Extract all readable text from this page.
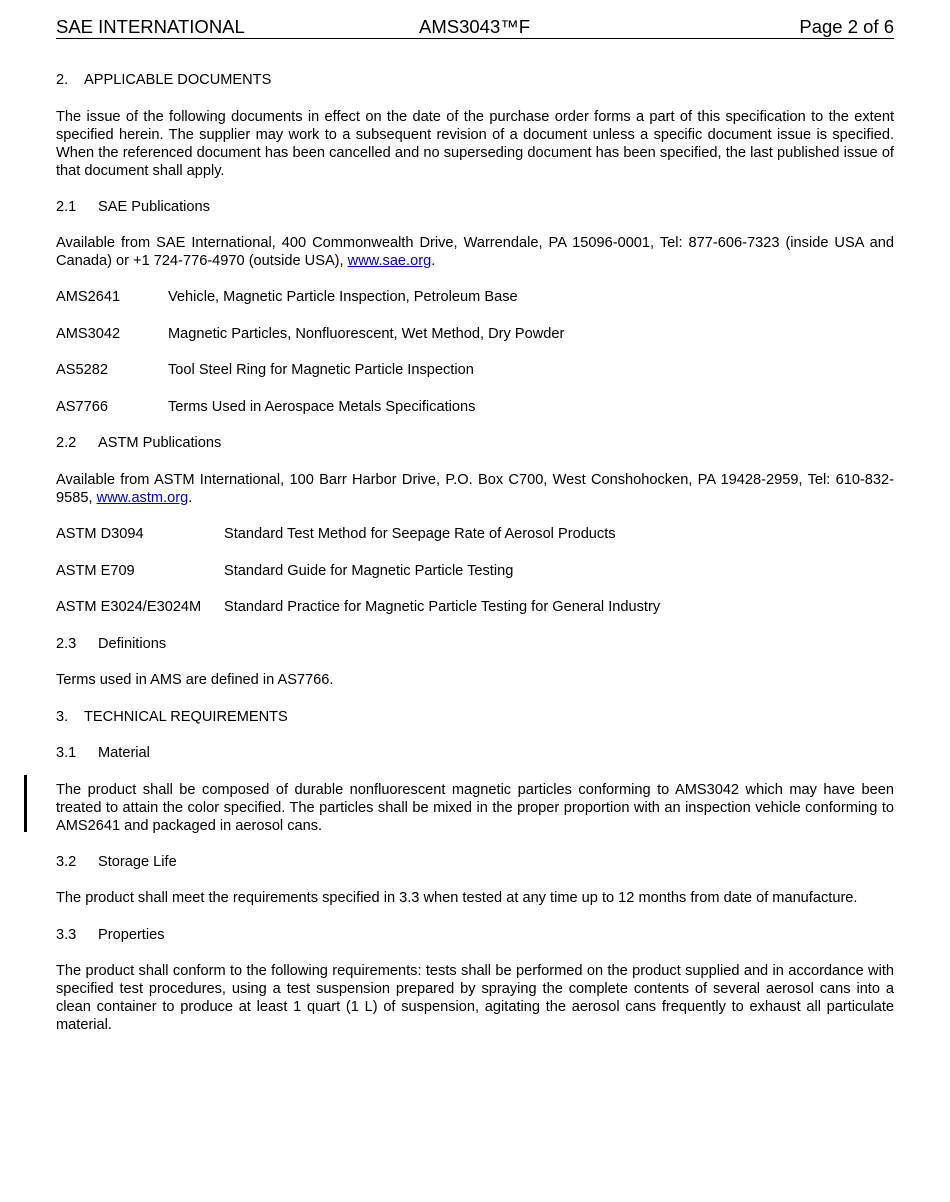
SAE INTERNATIONAL	AMS3043™F	Page 2 of 6

2. APPLICABLE DOCUMENTS

The issue of the following documents in effect on the date of the purchase order forms a part of this specification to the extent specified herein. The supplier may work to a subsequent revision of a document unless a specific document issue is specified. When the referenced document has been cancelled and no superseding document has been specified, the last published issue of that document shall apply.

2.1 SAE Publications

Available from SAE International, 400 Commonwealth Drive, Warrendale, PA 15096-0001, Tel: 877-606-7323 (inside USA and Canada) or +1 724-776-4970 (outside USA), www.sae.org.

AMS2641	Vehicle, Magnetic Particle Inspection, Petroleum Base
AMS3042	Magnetic Particles, Nonfluorescent, Wet Method, Dry Powder
AS5282	Tool Steel Ring for Magnetic Particle Inspection
AS7766	Terms Used in Aerospace Metals Specifications

2.2 ASTM Publications

Available from ASTM International, 100 Barr Harbor Drive, P.O. Box C700, West Conshohocken, PA 19428-2959, Tel: 610-832-9585, www.astm.org.

ASTM D3094	Standard Test Method for Seepage Rate of Aerosol Products
ASTM E709	Standard Guide for Magnetic Particle Testing
ASTM E3024/E3024M Standard Practice for Magnetic Particle Testing for General Industry

2.3 Definitions

Terms used in AMS are defined in AS7766.

3. TECHNICAL REQUIREMENTS

3.1 Material

The product shall be composed of durable nonfluorescent magnetic particles conforming to AMS3042 which may have been treated to attain the color specified. The particles shall be mixed in the proper proportion with an inspection vehicle conforming to AMS2641 and packaged in aerosol cans.

3.2 Storage Life

The product shall meet the requirements specified in 3.3 when tested at any time up to 12 months from date of manufacture.

3.3 Properties

The product shall conform to the following requirements: tests shall be performed on the product supplied and in accordance with specified test procedures, using a test suspension prepared by spraying the complete contents of several aerosol cans into a clean container to produce at least 1 quart (1 L) of suspension, agitating the aerosol cans frequently to exhaust all particulate material.
